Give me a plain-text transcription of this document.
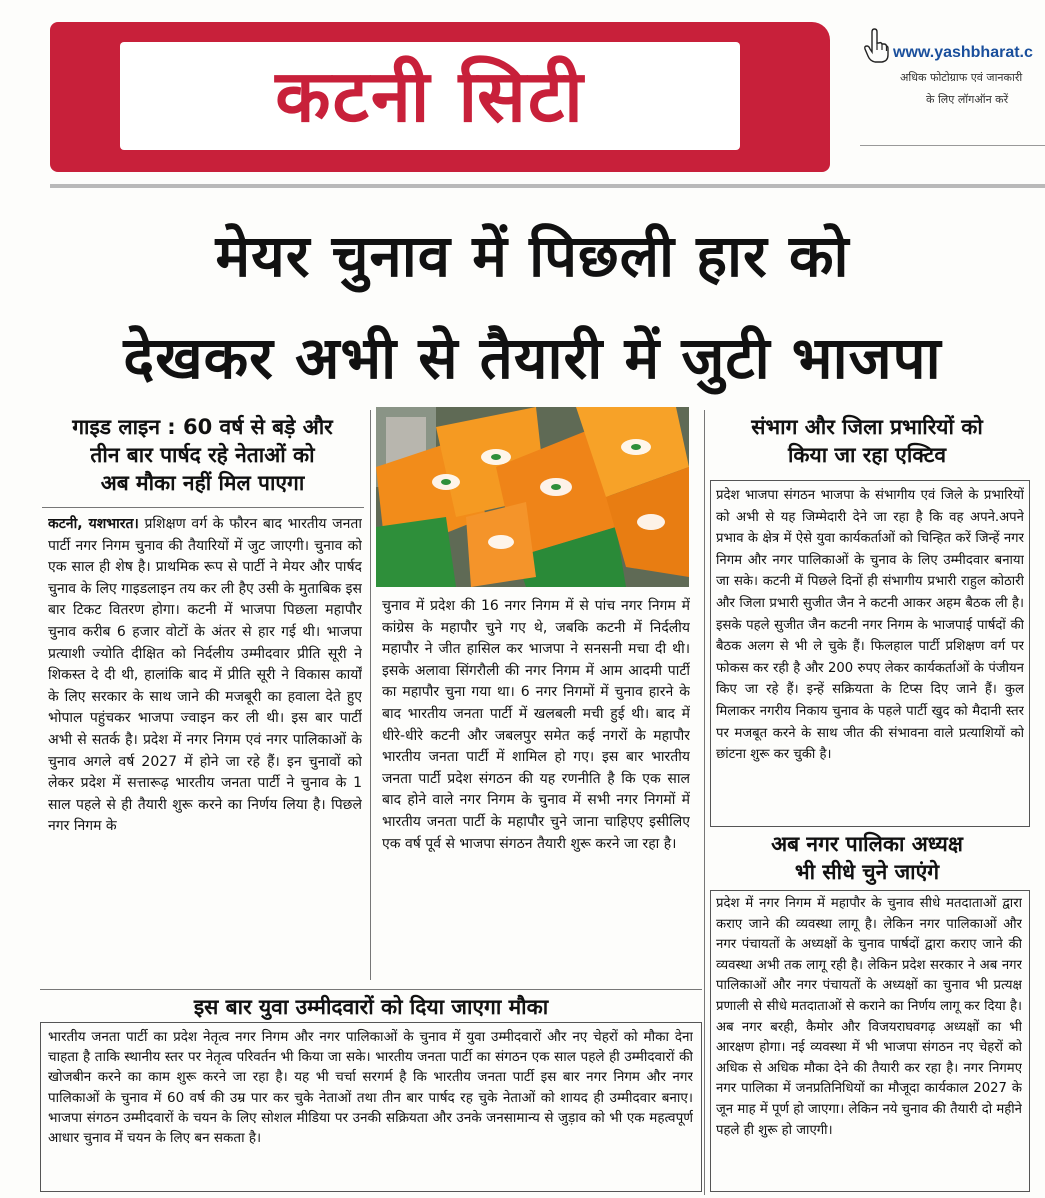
कटनी सिटी
www.yashbharat.c
अधिक फोटोग्राफ एवं जानकारी
के लिए लॉगऑन करें
मेयर चुनाव में पिछली हार को
देखकर अभी से तैयारी में जुटी भाजपा
गाइड लाइन : 60 वर्ष से बड़े और
तीन बार पार्षद रहे नेताओं को
अब मौका नहीं मिल पाएगा
कटनी, यशभारत। प्रशिक्षण वर्ग के फौरन बाद भारतीय जनता पार्टी नगर निगम चुनाव की तैयारियों में जुट जाएगी। चुनाव को एक साल ही शेष है। प्राथमिक रूप से पार्टी ने मेयर और पार्षद चुनाव के लिए गाइडलाइन तय कर ली हैए उसी के मुताबिक इस बार टिकट वितरण होगा। कटनी में भाजपा पिछला महापौर चुनाव करीब 6 हजार वोटों के अंतर से हार गई थी। भाजपा प्रत्याशी ज्योति दीक्षित को निर्दलीय उम्मीदवार प्रीति सूरी ने शिकस्त दे दी थी, हालांकि बाद में प्रीति सूरी ने विकास कार्यों के लिए सरकार के साथ जाने की मजबूरी का हवाला देते हुए भोपाल पहुंचकर भाजपा ज्वाइन कर ली थी। इस बार पार्टी अभी से सतर्क है। प्रदेश में नगर निगम एवं नगर पालिकाओं के चुनाव अगले वर्ष 2027 में होने जा रहे हैं। इन चुनावों को लेकर प्रदेश में सत्तारूढ़ भारतीय जनता पार्टी ने चुनाव के 1 साल पहले से ही तैयारी शुरू करने का निर्णय लिया है। पिछले नगर निगम के
चुनाव में प्रदेश की 16 नगर निगम में से पांच नगर निगम में कांग्रेस के महापौर चुने गए थे, जबकि कटनी में निर्दलीय महापौर ने जीत हासिल कर भाजपा ने सनसनी मचा दी थी। इसके अलावा सिंगरौली की नगर निगम में आम आदमी पार्टी का महापौर चुना गया था। 6 नगर निगमों में चुनाव हारने के बाद भारतीय जनता पार्टी में खलबली मची हुई थी। बाद में धीरे-धीरे कटनी और जबलपुर समेत कई नगरों के महापौर भारतीय जनता पार्टी में शामिल हो गए। इस बार भारतीय जनता पार्टी प्रदेश संगठन की यह रणनीति है कि एक साल बाद होने वाले नगर निगम के चुनाव में सभी नगर निगमों में भारतीय जनता पार्टी के महापौर चुने जाना चाहिएए इसीलिए एक वर्ष पूर्व से भाजपा संगठन तैयारी शुरू करने जा रहा है।
इस बार युवा उम्मीदवारों को दिया जाएगा मौका
भारतीय जनता पार्टी का प्रदेश नेतृत्व नगर निगम और नगर पालिकाओं के चुनाव में युवा उम्मीदवारों और नए चेहरों को मौका देना चाहता है ताकि स्थानीय स्तर पर नेतृत्व परिवर्तन भी किया जा सके। भारतीय जनता पार्टी का संगठन एक साल पहले ही उम्मीदवारों की खोजबीन करने का काम शुरू करने जा रहा है। यह भी चर्चा सरगर्म है कि भारतीय जनता पार्टी इस बार नगर निगम और नगर पालिकाओं के चुनाव में 60 वर्ष की उम्र पार कर चुके नेताओं तथा तीन बार पार्षद रह चुके नेताओं को शायद ही उम्मीदवार बनाए। भाजपा संगठन उम्मीदवारों के चयन के लिए सोशल मीडिया पर उनकी सक्रियता और उनके जनसामान्य से जुड़ाव को भी एक महत्वपूर्ण आधार चुनाव में चयन के लिए बन सकता है।
संभाग और जिला प्रभारियों को
किया जा रहा एक्टिव
प्रदेश भाजपा संगठन भाजपा के संभागीय एवं जिले के प्रभारियों को अभी से यह जिम्मेदारी देने जा रहा है कि वह अपने.अपने प्रभाव के क्षेत्र में ऐसे युवा कार्यकर्ताओं को चिन्हित करें जिन्हें नगर निगम और नगर पालिकाओं के चुनाव के लिए उम्मीदवार बनाया जा सके। कटनी में पिछले दिनों ही संभागीय प्रभारी राहुल कोठारी और जिला प्रभारी सुजीत जैन ने कटनी आकर अहम बैठक ली है। इसके पहले सुजीत जैन कटनी नगर निगम के भाजपाई पार्षदों की बैठक अलग से भी ले चुके हैं। फिलहाल पार्टी प्रशिक्षण वर्ग पर फोकस कर रही है और 200 रुपए लेकर कार्यकर्ताओं के पंजीयन किए जा रहे हैं। इन्हें सक्रियता के टिप्स दिए जाने हैं। कुल मिलाकर नगरीय निकाय चुनाव के पहले पार्टी खुद को मैदानी स्तर पर मजबूत करने के साथ जीत की संभावना वाले प्रत्याशियों को छांटना शुरू कर चुकी है।
अब नगर पालिका अध्यक्ष
भी सीधे चुने जाएंगे
प्रदेश में नगर निगम में महापौर के चुनाव सीधे मतदाताओं द्वारा कराए जाने की व्यवस्था लागू है। लेकिन नगर पालिकाओं और नगर पंचायतों के अध्यक्षों के चुनाव पार्षदों द्वारा कराए जाने की व्यवस्था अभी तक लागू रही है। लेकिन प्रदेश सरकार ने अब नगर पालिकाओं और नगर पंचायतों के अध्यक्षों का चुनाव भी प्रत्यक्ष प्रणाली से सीधे मतदाताओं से कराने का निर्णय लागू कर दिया है। अब नगर बरही, कैमोर और विजयराघवगढ़ अध्यक्षों का भी आरक्षण होगा। नई व्यवस्था में भी भाजपा संगठन नए चेहरों को अधिक से अधिक मौका देने की तैयारी कर रहा है। नगर निगमए नगर पालिका में जनप्रतिनिधियों का मौजूदा कार्यकाल 2027 के जून माह में पूर्ण हो जाएगा। लेकिन नये चुनाव की तैयारी दो महीने पहले ही शुरू हो जाएगी।
